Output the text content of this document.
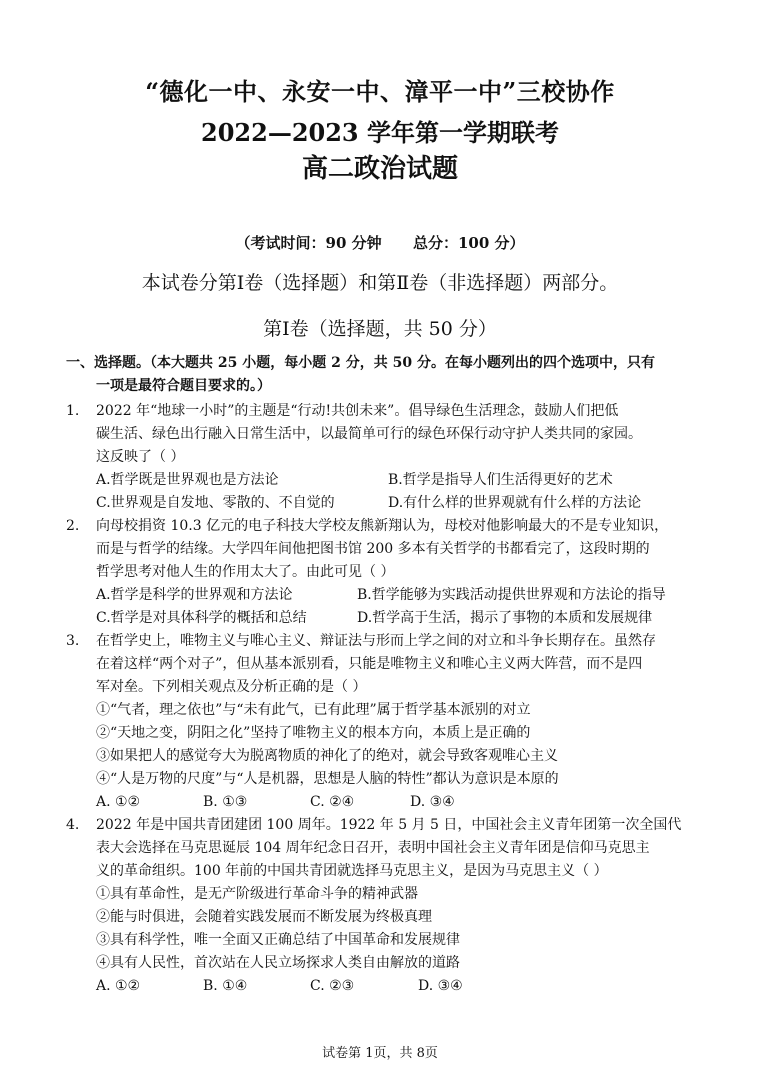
“德化一中、永安一中、漳平一中”三校协作
2022—2023 学年第一学期联考
高二政治试题
（考试时间：90 分钟      总分：100 分）
本试卷分第Ⅰ卷（选择题）和第Ⅱ卷（非选择题）两部分。
第Ⅰ卷（选择题，共 50 分）
一、选择题。（本大题共 25 小题，每小题 2 分，共 50 分。在每小题列出的四个选项中，只有
一项是最符合题目要求的。）
1. 2022 年“地球一小时”的主题是“行动!共创未来”。倡导绿色生活理念，鼓励人们把低
碳生活、绿色出行融入日常生活中，以最简单可行的绿色环保行动守护人类共同的家园。
这反映了（ ）
A.哲学既是世界观也是方法论	B.哲学是指导人们生活得更好的艺术
C.世界观是自发地、零散的、不自觉的	D.有什么样的世界观就有什么样的方法论
2. 向母校捐资 10.3 亿元的电子科技大学校友熊新翔认为，母校对他影响最大的不是专业知识，
而是与哲学的结缘。大学四年间他把图书馆 200 多本有关哲学的书都看完了，这段时期的
哲学思考对他人生的作用太大了。由此可见（ ）
A.哲学是科学的世界观和方法论	B.哲学能够为实践活动提供世界观和方法论的指导
C.哲学是对具体科学的概括和总结	D.哲学高于生活，揭示了事物的本质和发展规律
3. 在哲学史上，唯物主义与唯心主义、辩证法与形而上学之间的对立和斗争长期存在。虽然存
在着这样“两个对子”，但从基本派别看，只能是唯物主义和唯心主义两大阵营，而不是四
军对垒。下列相关观点及分析正确的是（ ）
①“气者，理之依也”与“未有此气，已有此理”属于哲学基本派别的对立
②“天地之变，阴阳之化”坚持了唯物主义的根本方向，本质上是正确的
③如果把人的感觉夸大为脱离物质的神化了的绝对，就会导致客观唯心主义
④“人是万物的尺度”与“人是机器，思想是人脑的特性”都认为意识是本原的
A. ①②	B. ①③	C. ②④	D. ③④
4. 2022 年是中国共青团建团 100 周年。1922 年 5 月 5 日，中国社会主义青年团第一次全国代
表大会选择在马克思诞辰 104 周年纪念日召开，表明中国社会主义青年团是信仰马克思主
义的革命组织。100 年前的中国共青团就选择马克思主义，是因为马克思主义（ ）
①具有革命性，是无产阶级进行革命斗争的精神武器
②能与时俱进，会随着实践发展而不断发展为终极真理
③具有科学性，唯一全面又正确总结了中国革命和发展规律
④具有人民性，首次站在人民立场探求人类自由解放的道路
A. ①②	B. ①④	C. ②③	D. ③④
试卷第 1页，共 8页
